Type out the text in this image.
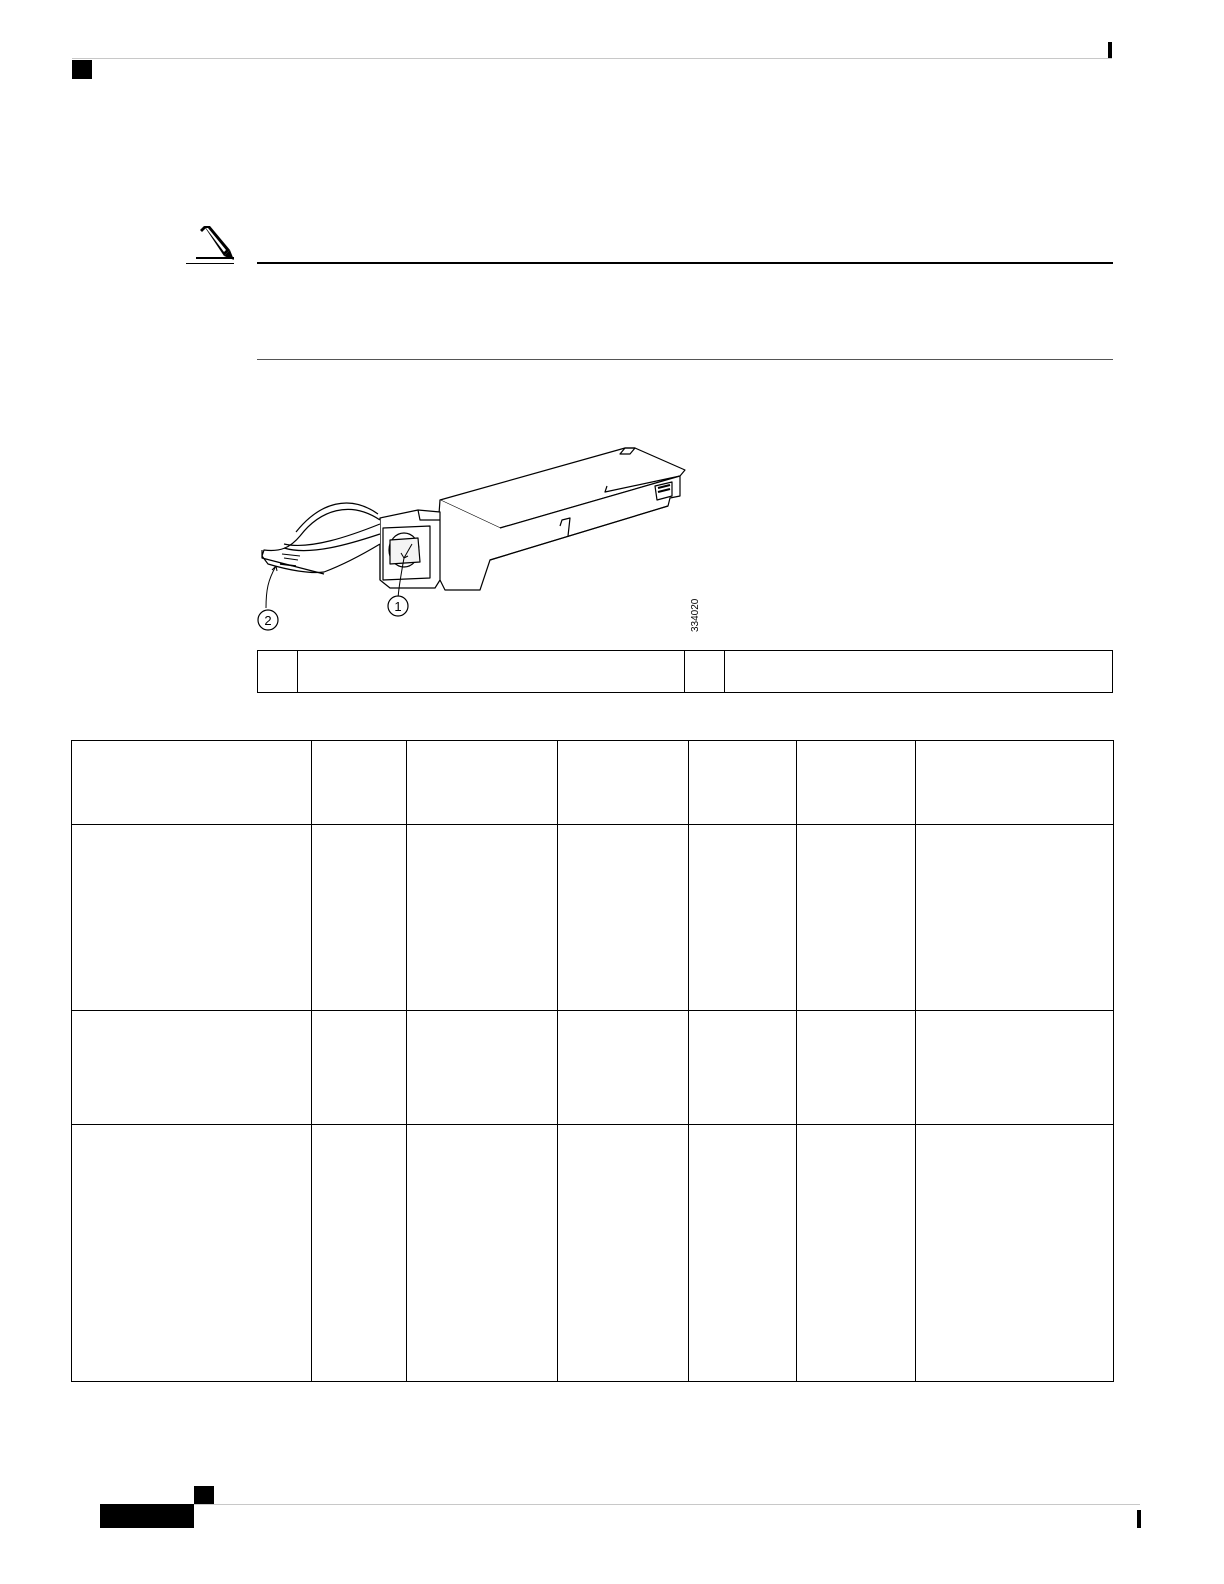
1
2	334020
